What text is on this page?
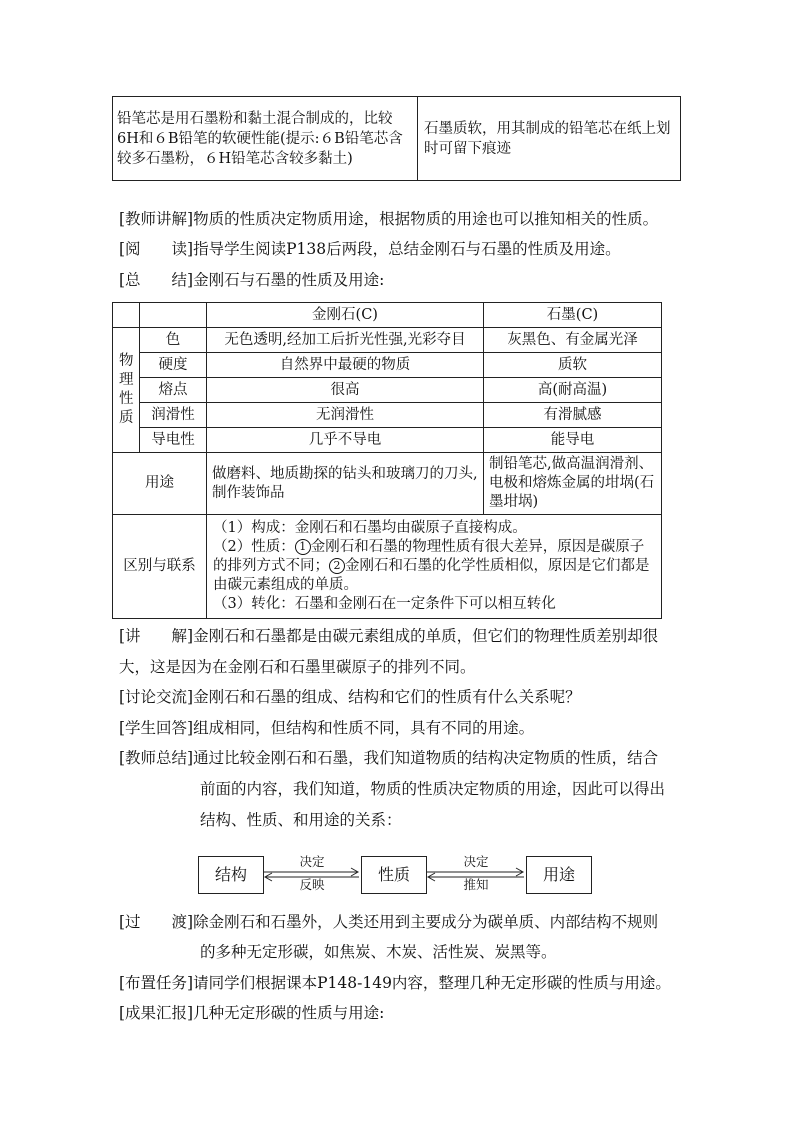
铅笔芯是用石墨粉和黏土混合制成的，比较6H和６B铅笔的软硬性能(提示:６B铅笔芯含较多石墨粉，６H铅笔芯含较多黏土)	石墨质软，用其制成的铅笔芯在纸上划时可留下痕迹
[教师讲解]物质的性质决定物质用途，根据物质的用途也可以推知相关的性质。
[阅　　读]指导学生阅读P138后两段，总结金刚石与石墨的性质及用途。
[总　　结]金刚石与石墨的性质及用途:
		金刚石(C)	石墨(C)

物理性质	色	无色透明,经加工后折光性强,光彩夺目	灰黑色、有金属光泽
	硬度	自然界中最硬的物质	质软
	熔点	很高	高(耐高温)
	润滑性	无润滑性	有滑腻感
	导电性	几乎不导电	能导电
用途		做磨料、地质勘探的钻头和玻璃刀的刀头,制作装饰品	制铅笔芯,做高温润滑剂、电极和熔炼金属的坩埚(石墨坩埚)
区别与联系		（1）构成：金刚石和石墨均由碳原子直接构成。
（2）性质： 1 金刚石和石墨的物理性质有很大差异，原因是碳原子的排列方式不同； 2 金刚石和石墨的化学性质相似，原因是它们都是由碳元素组成的单质。
（3）转化：石墨和金刚石在一定条件下可以相互转化	
[讲　　解]金刚石和石墨都是由碳元素组成的单质，但它们的物理性质差别却很
大，这是因为在金刚石和石墨里碳原子的排列不同。
[讨论交流]金刚石和石墨的组成、结构和它们的性质有什么关系呢？
[学生回答]组成相同，但结构和性质不同，具有不同的用途。
[教师总结]通过比较金刚石和石墨，我们知道物质的结构决定物质的性质，结合
前面的内容，我们知道，物质的性质决定物质的用途，因此可以得出
结构、性质、和用途的关系：
结构	性质	用途
决定
反映
决定
推知
[过　　渡]除金刚石和石墨外，人类还用到主要成分为碳单质、内部结构不规则
的多种无定形碳，如焦炭、木炭、活性炭、炭黑等。
[布置任务]请同学们根据课本P148-149内容，整理几种无定形碳的性质与用途。
[成果汇报]几种无定形碳的性质与用途:
